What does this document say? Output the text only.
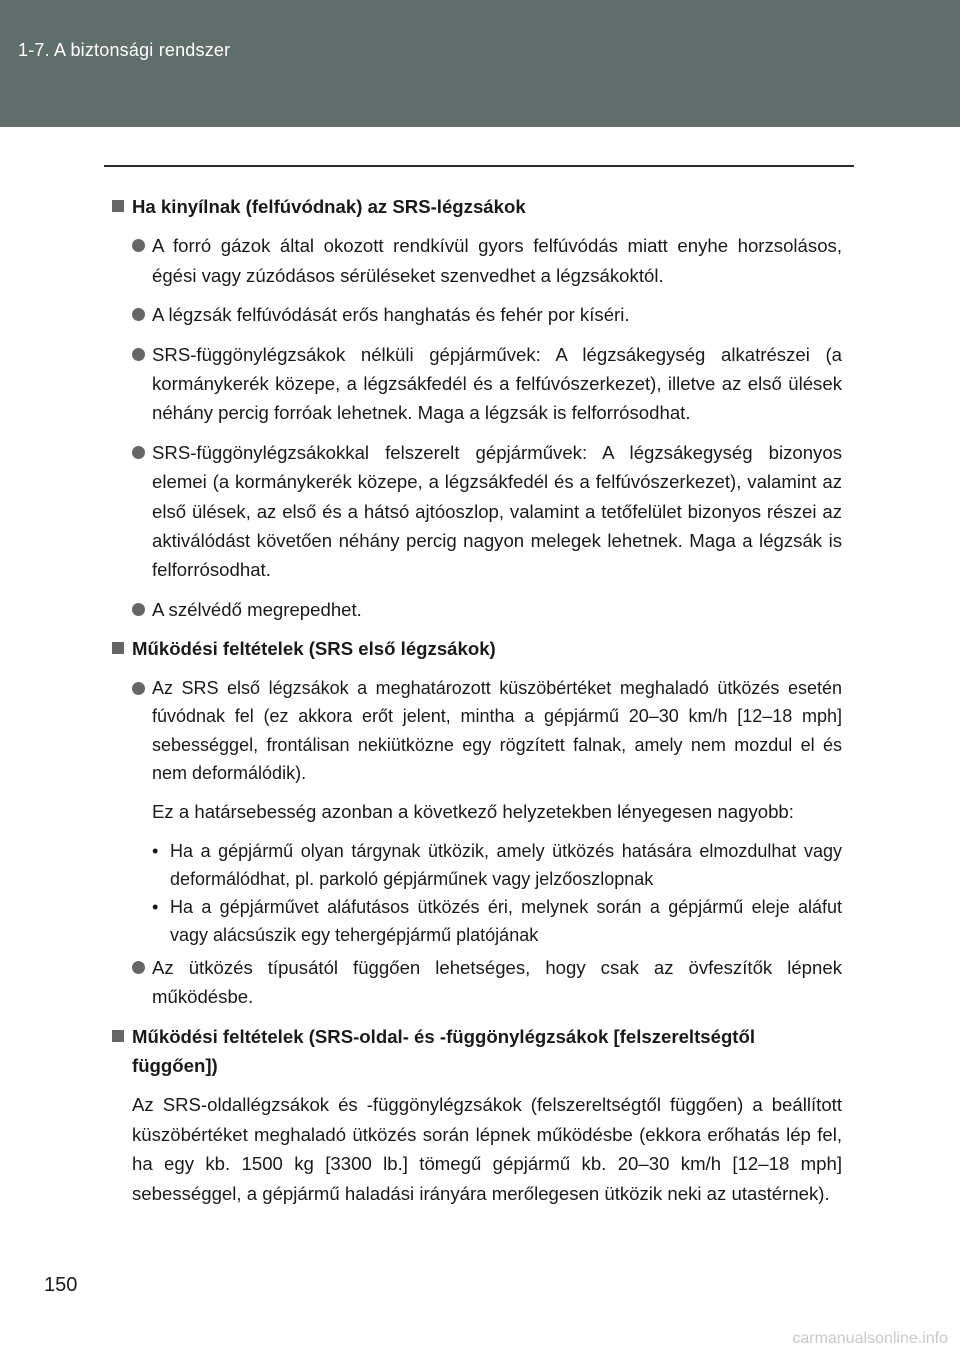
1-7. A biztonsági rendszer
Ha kinyílnak (felfúvódnak) az SRS-légzsákok
A forró gázok által okozott rendkívül gyors felfúvódás miatt enyhe horzsolásos, égési vagy zúzódásos sérüléseket szenvedhet a légzsákoktól.
A légzsák felfúvódását erős hanghatás és fehér por kíséri.
SRS-függönylégzsákok nélküli gépjárművek: A légzsákegység alkatrészei (a kormánykerék közepe, a légzsákfedél és a felfúvószerkezet), illetve az első ülések néhány percig forróak lehetnek. Maga a légzsák is felforrósodhat.
SRS-függönylégzsákokkal felszerelt gépjárművek: A légzsákegység bizonyos elemei (a kormánykerék közepe, a légzsákfedél és a felfúvószerkezet), valamint az első ülések, az első és a hátsó ajtóoszlop, valamint a tetőfelület bizonyos részei az aktiválódást követően néhány percig nagyon melegek lehetnek. Maga a légzsák is felforrósodhat.
A szélvédő megrepedhet.
Működési feltételek (SRS első légzsákok)
Az SRS első légzsákok a meghatározott küszöbértéket meghaladó ütközés esetén fúvódnak fel (ez akkora erőt jelent, mintha a gépjármű 20–30 km/h [12–18 mph] sebességgel, frontálisan nekiütközne egy rögzített falnak, amely nem mozdul el és nem deformálódik).
Ez a határsebesség azonban a következő helyzetekben lényegesen nagyobb:
• Ha a gépjármű olyan tárgynak ütközik, amely ütközés hatására elmozdulhat vagy deformálódhat, pl. parkoló gépjárműnek vagy jelzőoszlopnak
• Ha a gépjárművet aláfutásos ütközés éri, melynek során a gépjármű eleje aláfut vagy alácsúszik egy tehergépjármű platójának
Az ütközés típusától függően lehetséges, hogy csak az övfeszítők lépnek működésbe.
Működési feltételek (SRS-oldal- és -függönylégzsákok [felszereltségtől függően])
Az SRS-oldallégzsákok és -függönylégzsákok (felszereltségtől függően) a beállított küszöbértéket meghaladó ütközés során lépnek működésbe (ekkora erőhatás lép fel, ha egy kb. 1500 kg [3300 lb.] tömegű gépjármű kb. 20–30 km/h [12–18 mph] sebességgel, a gépjármű haladási irányára merőlegesen ütközik neki az utastérnek).
150
carmanualsonline.info
